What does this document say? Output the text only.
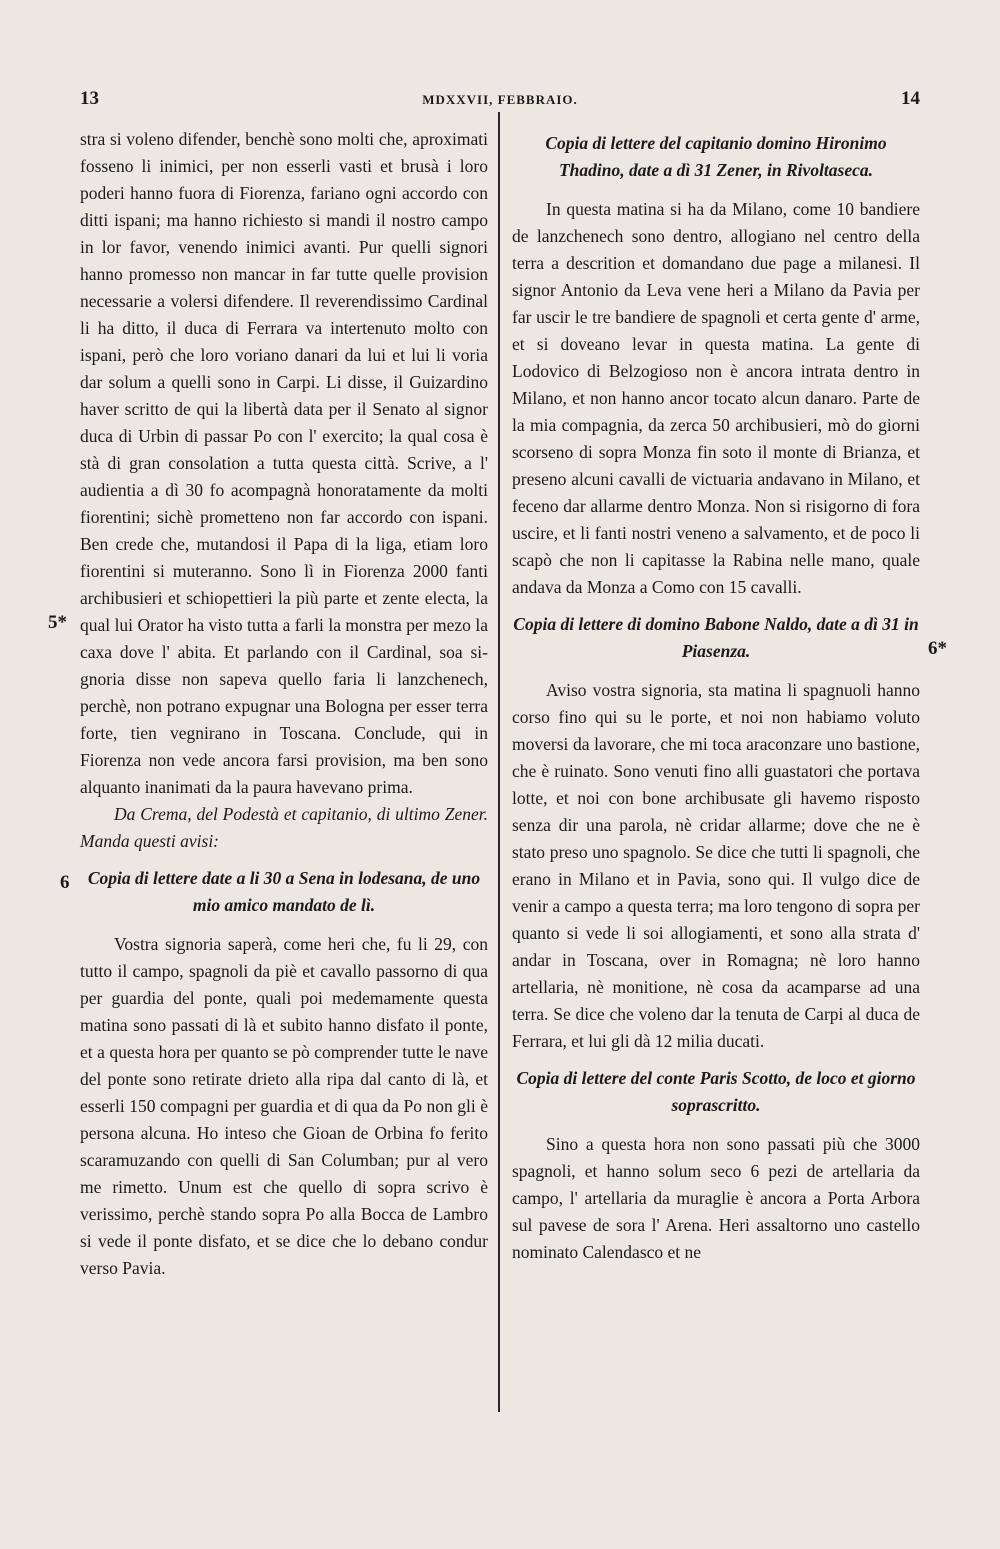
13	MDXXVII, FEBBRAIO.	14
5*
6
6*

stra si voleno difender, benchè sono molti che, aproximati fosseno li inimici, per non esserli vasti et brusà i loro poderi hanno fuora di Fiorenza, fariano ogni accordo con ditti ispani; ma hanno richiesto si mandi il nostro campo in lor favor, venendo inimici avanti. Pur quelli signori hanno promesso non mancar in far tutte quelle provision necessarie a volersi difendere. Il reverendissimo Cardinal li ha ditto, il duca di Ferrara va intertenuto molto con ispani, però che loro voriano danari da lui et lui li voria dar solum a quelli sono in Carpi. Li disse, il Guizardino haver scritto de qui la libertà data per il Senato al signor duca di Urbin di passar Po con l' exercito; la qual cosa è stà di gran consolation a tutta questa città. Scrive, a l' audientia a dì 30 fo acompagnà honoratamente da molti fiorentini; sichè prometteno non far accordo con ispani. Ben crede che, mutandosi il Papa di la liga, etiam loro fiorentini si muteranno. Sono lì in Fiorenza 2000 fanti archibusieri et schiopettieri la più parte et zente electa, la qual lui Orator ha visto tutta a farli la monstra per mezo la caxa dove l' abita. Et parlando con il Cardinal, soa signoria disse non sapeva quello faria li lanzchenech, perchè, non potrano expugnar una Bologna per esser terra forte, tien vegnirano in Toscana. Conclude, qui in Fiorenza non vede ancora farsi provision, ma ben sono alquanto inanimati da la paura havevano prima.

Da Crema, del Podestà et capitanio, di ultimo Zener. Manda questi avisi:

Copia di lettere date a li 30 a Sena in lodesana, de uno mio amico mandato de lì.

Vostra signoria saperà, come heri che, fu li 29, con tutto il campo, spagnoli da piè et cavallo passorno di qua per guardia del ponte, quali poi medemamente questa matina sono passati di là et subito hanno disfato il ponte, et a questa hora per quanto se pò comprender tutte le nave del ponte sono retirate drieto alla ripa dal canto di là, et esserli 150 compagni per guardia et di qua da Po non gli è persona alcuna. Ho inteso che Gioan de Orbina fo ferito scaramuzando con quelli di San Columban; pur al vero me rimetto. Unum est che quello di sopra scrivo è verissimo, perchè stando sopra Po alla Bocca de Lambro si vede il ponte disfato, et se dice che lo debano condur verso Pavia.

Copia di lettere del capitanio domino Hironimo Thadino, date a dì 31 Zener, in Rivoltaseca.

In questa matina si ha da Milano, come 10 bandiere de lanzchenech sono dentro, allogiano nel centro della terra a descrition et domandano due page a milanesi. Il signor Antonio da Leva vene heri a Milano da Pavia per far uscir le tre bandiere de spagnoli et certa gente d' arme, et si doveano levar in questa matina. La gente di Lodovico di Belzogioso non è ancora intrata dentro in Milano, et non hanno ancor tocato alcun danaro. Parte de la mia compagnia, da zerca 50 archibusieri, mò do giorni scorseno di sopra Monza fin soto il monte di Brianza, et preseno alcuni cavalli de victuaria andavano in Milano, et feceno dar allarme dentro Monza. Non si risigorno di fora uscire, et li fanti nostri veneno a salvamento, et de poco li scapò che non li capitasse la Rabina nelle mano, quale andava da Monza a Como con 15 cavalli.

Copia di lettere di domino Babone Naldo, date a dì 31 in Piasenza.

Aviso vostra signoria, sta matina li spagnuoli hanno corso fino qui su le porte, et noi non habiamo voluto moversi da lavorare, che mi toca araconzare uno bastione, che è ruinato. Sono venuti fino alli guastatori che portava lotte, et noi con bone archibusate gli havemo risposto senza dir una parola, nè cridar allarme; dove che ne è stato preso uno spagnolo. Se dice che tutti li spagnoli, che erano in Milano et in Pavia, sono qui. Il vulgo dice de venir a campo a questa terra; ma loro tengono di sopra per quanto si vede li soi allogiamenti, et sono alla strata d' andar in Toscana, over in Romagna; nè loro hanno artellaria, nè monitione, nè cosa da acamparse ad una terra. Se dice che voleno dar la tenuta de Carpi al duca de Ferrara, et lui gli dà 12 milia ducati.

Copia di lettere del conte Paris Scotto, de loco et giorno soprascritto.

Sino a questa hora non sono passati più che 3000 spagnoli, et hanno solum seco 6 pezi de artellaria da campo, l' artellaria da muraglie è ancora a Porta Arbora sul pavese de sora l' Arena. Heri assaltorno uno castello nominato Calendasco et ne
